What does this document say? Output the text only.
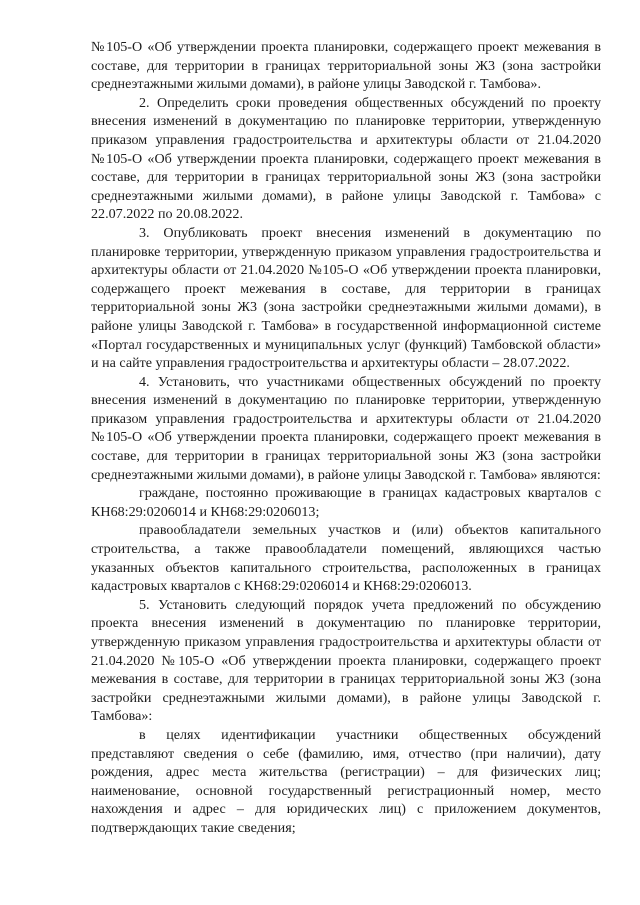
№105-О «Об утверждении проекта планировки, содержащего проект межевания в составе, для территории в границах территориальной зоны Ж3 (зона застройки среднеэтажными жилыми домами), в районе улицы Заводской г. Тамбова».

2. Определить сроки проведения общественных обсуждений по проекту внесения изменений в документацию по планировке территории, утвержденную приказом управления градостроительства и архитектуры области от 21.04.2020 №105-О «Об утверждении проекта планировки, содержащего проект межевания в составе, для территории в границах территориальной зоны Ж3 (зона застройки среднеэтажными жилыми домами), в районе улицы Заводской г. Тамбова» с 22.07.2022 по 20.08.2022.

3. Опубликовать проект внесения изменений в документацию по планировке территории, утвержденную приказом управления градостроительства и архитектуры области от 21.04.2020 №105-О «Об утверждении проекта планировки, содержащего проект межевания в составе, для территории в границах территориальной зоны Ж3 (зона застройки среднеэтажными жилыми домами), в районе улицы Заводской г. Тамбова» в государственной информационной системе «Портал государственных и муниципальных услуг (функций) Тамбовской области» и на сайте управления градостроительства и архитектуры области – 28.07.2022.

4. Установить, что участниками общественных обсуждений по проекту внесения изменений в документацию по планировке территории, утвержденную приказом управления градостроительства и архитектуры области от 21.04.2020 №105-О «Об утверждении проекта планировки, содержащего проект межевания в составе, для территории в границах территориальной зоны Ж3 (зона застройки среднеэтажными жилыми домами), в районе улицы Заводской г. Тамбова» являются:

граждане, постоянно проживающие в границах кадастровых кварталов с КН68:29:0206014 и КН68:29:0206013;

правообладатели земельных участков и (или) объектов капитального строительства, а также правообладатели помещений, являющихся частью указанных объектов капитального строительства, расположенных в границах кадастровых кварталов с КН68:29:0206014 и КН68:29:0206013.

5. Установить следующий порядок учета предложений по обсуждению проекта внесения изменений в документацию по планировке территории, утвержденную приказом управления градостроительства и архитектуры области от 21.04.2020 №105-О «Об утверждении проекта планировки, содержащего проект межевания в составе, для территории в границах территориальной зоны Ж3 (зона застройки среднеэтажными жилыми домами), в районе улицы Заводской г. Тамбова»:

в целях идентификации участники общественных обсуждений представляют сведения о себе (фамилию, имя, отчество (при наличии), дату рождения, адрес места жительства (регистрации) – для физических лиц; наименование, основной государственный регистрационный номер, место нахождения и адрес – для юридических лиц) с приложением документов, подтверждающих такие сведения;
